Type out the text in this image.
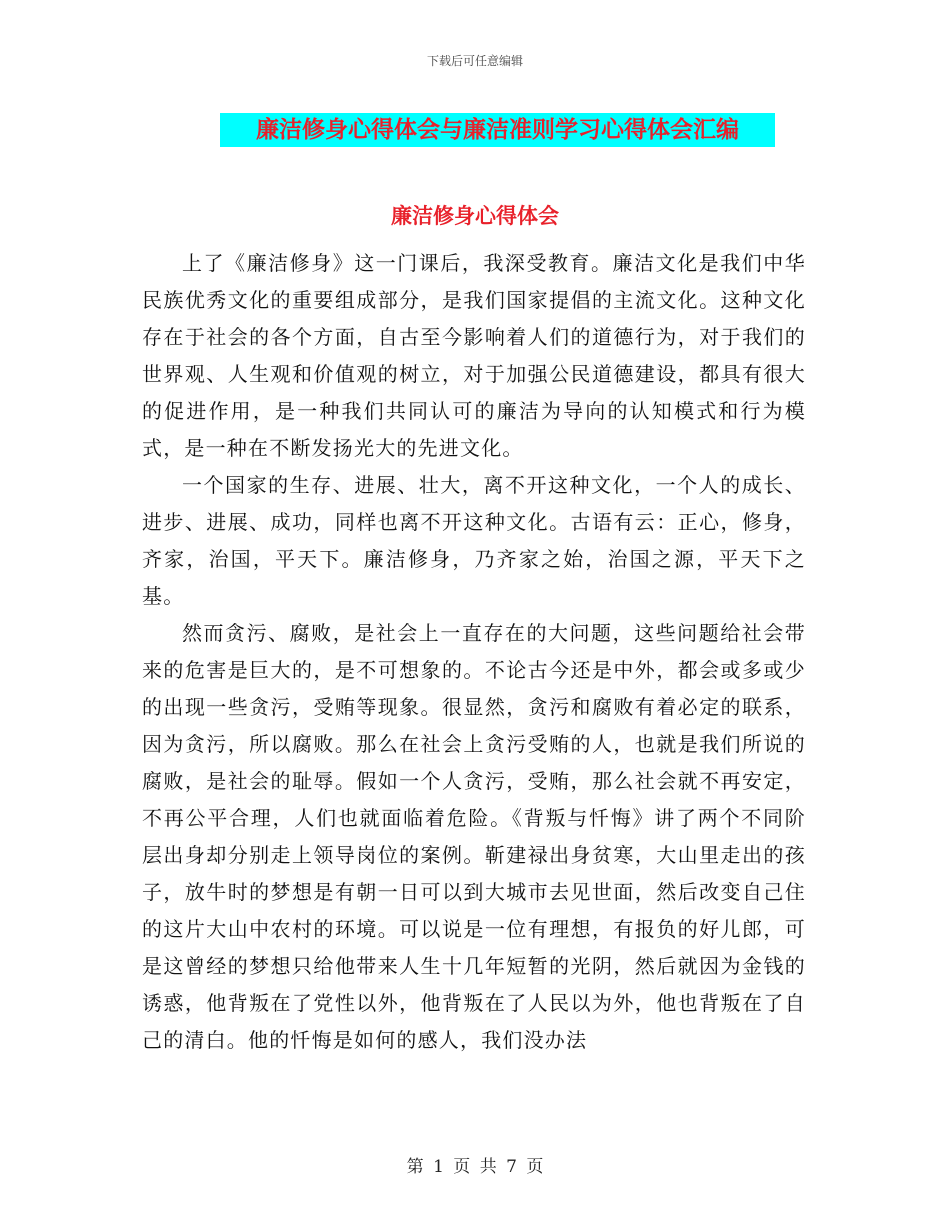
下载后可任意编辑
廉洁修身心得体会与廉洁准则学习心得体会汇编
廉洁修身心得体会

上了《廉洁修身》这一门课后，我深受教育。廉洁文化是我们中华民族优秀文化的重要组成部分，是我们国家提倡的主流文化。这种文化存在于社会的各个方面，自古至今影响着人们的道德行为，对于我们的世界观、人生观和价值观的树立，对于加强公民道德建设，都具有很大的促进作用，是一种我们共同认可的廉洁为导向的认知模式和行为模式，是一种在不断发扬光大的先进文化。

一个国家的生存、进展、壮大，离不开这种文化，一个人的成长、进步、进展、成功，同样也离不开这种文化。古语有云：正心，修身，齐家，治国，平天下。廉洁修身，乃齐家之始，治国之源，平天下之基。

然而贪污、腐败，是社会上一直存在的大问题，这些问题给社会带来的危害是巨大的，是不可想象的。不论古今还是中外，都会或多或少的出现一些贪污，受贿等现象。很显然，贪污和腐败有着必定的联系，因为贪污，所以腐败。那么在社会上贪污受贿的人，也就是我们所说的腐败，是社会的耻辱。假如一个人贪污，受贿，那么社会就不再安定，不再公平合理，人们也就面临着危险。《背叛与忏悔》讲了两个不同阶层出身却分别走上领导岗位的案例。靳建禄出身贫寒，大山里走出的孩子，放牛时的梦想是有朝一日可以到大城市去见世面，然后改变自己住的这片大山中农村的环境。可以说是一位有理想，有报负的好儿郎，可是这曾经的梦想只给他带来人生十几年短暂的光阴，然后就因为金钱的诱惑，他背叛在了党性以外，他背叛在了人民以为外，他也背叛在了自己的清白。他的忏悔是如何的感人，我们没办法

第 1 页 共 7 页
